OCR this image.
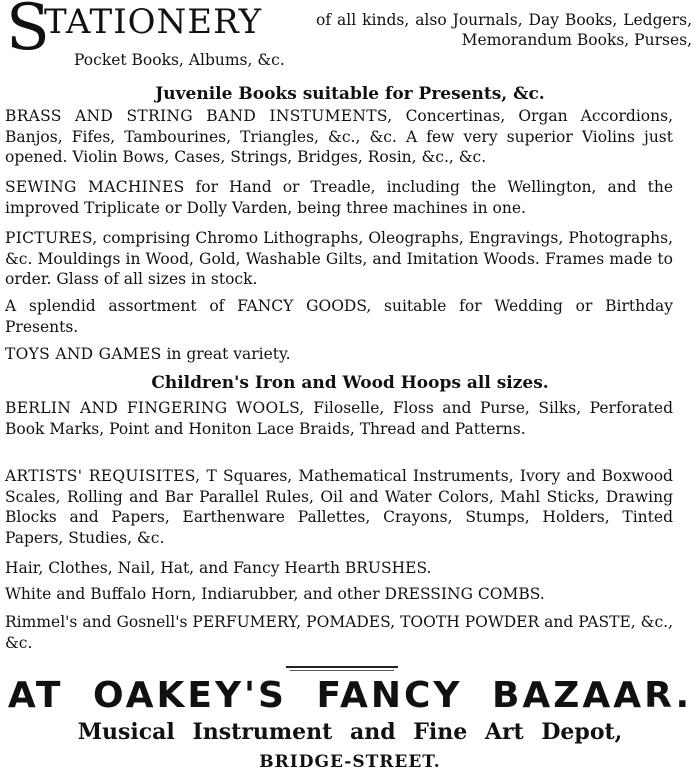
S
TATIONERY	of all kinds, also Journals, Day Books, Ledgers, Memorandum Books, Purses,
Pocket Books, Albums, &c.
Juvenile Books suitable for Presents, &c.
BRASS AND STRING BAND INSTUMENTS, Concertinas, Organ Accordions, Banjos, Fifes, Tambourines, Triangles, &c., &c. A few very superior Violins just opened. Violin Bows, Cases, Strings, Bridges, Rosin, &c., &c.
SEWING MACHINES for Hand or Treadle, including the Wellington, and the improved Triplicate or Dolly Varden, being three machines in one.
PICTURES, comprising Chromo Lithographs, Oleographs, Engravings, Photographs, &c. Mouldings in Wood, Gold, Washable Gilts, and Imitation Woods. Frames made to order. Glass of all sizes in stock.
A splendid assortment of FANCY GOODS, suitable for Wedding or Birthday Presents.
TOYS AND GAMES in great variety.
Children's Iron and Wood Hoops all sizes.
BERLIN AND FINGERING WOOLS, Filoselle, Floss and Purse, Silks, Perforated Book Marks, Point and Honiton Lace Braids, Thread and Patterns.
ARTISTS' REQUISITES, T Squares, Mathematical Instruments, Ivory and Boxwood Scales, Rolling and Bar Parallel Rules, Oil and Water Colors, Mahl Sticks, Drawing Blocks and Papers, Earthenware Pallettes, Crayons, Stumps, Holders, Tinted Papers, Studies, &c.
Hair, Clothes, Nail, Hat, and Fancy Hearth BRUSHES.
White and Buffalo Horn, Indiarubber, and other DRESSING COMBS.
Rimmel's and Gosnell's PERFUMERY, POMADES, TOOTH POWDER and PASTE, &c., &c.
AT OAKEY'S FANCY BAZAAR.
Musical Instrument and Fine Art Depot,
BRIDGE-STREET.
